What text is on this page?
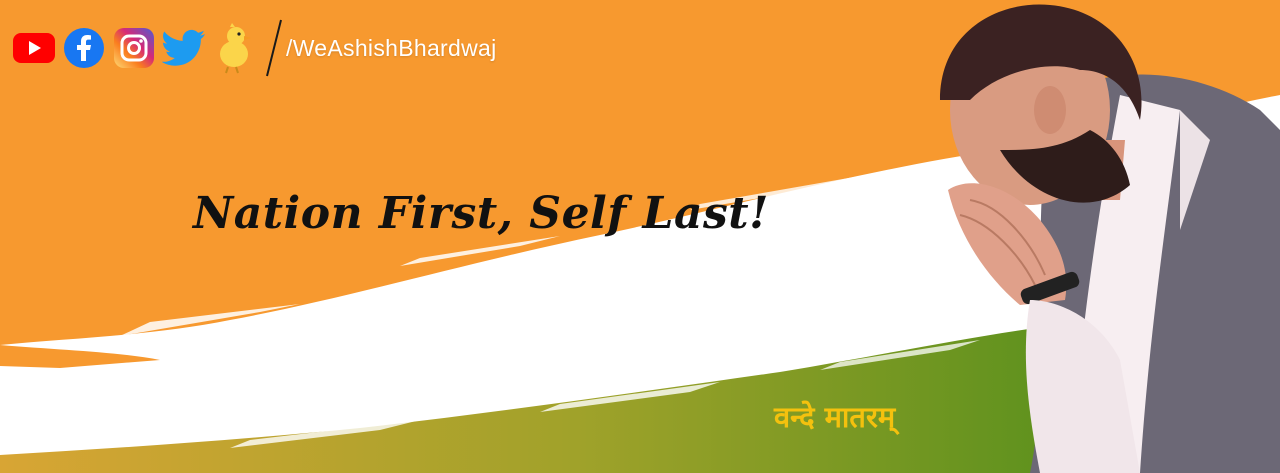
/WeAshishBhardwaj
Nation First, Self Last!
वन्दे मातरम्
